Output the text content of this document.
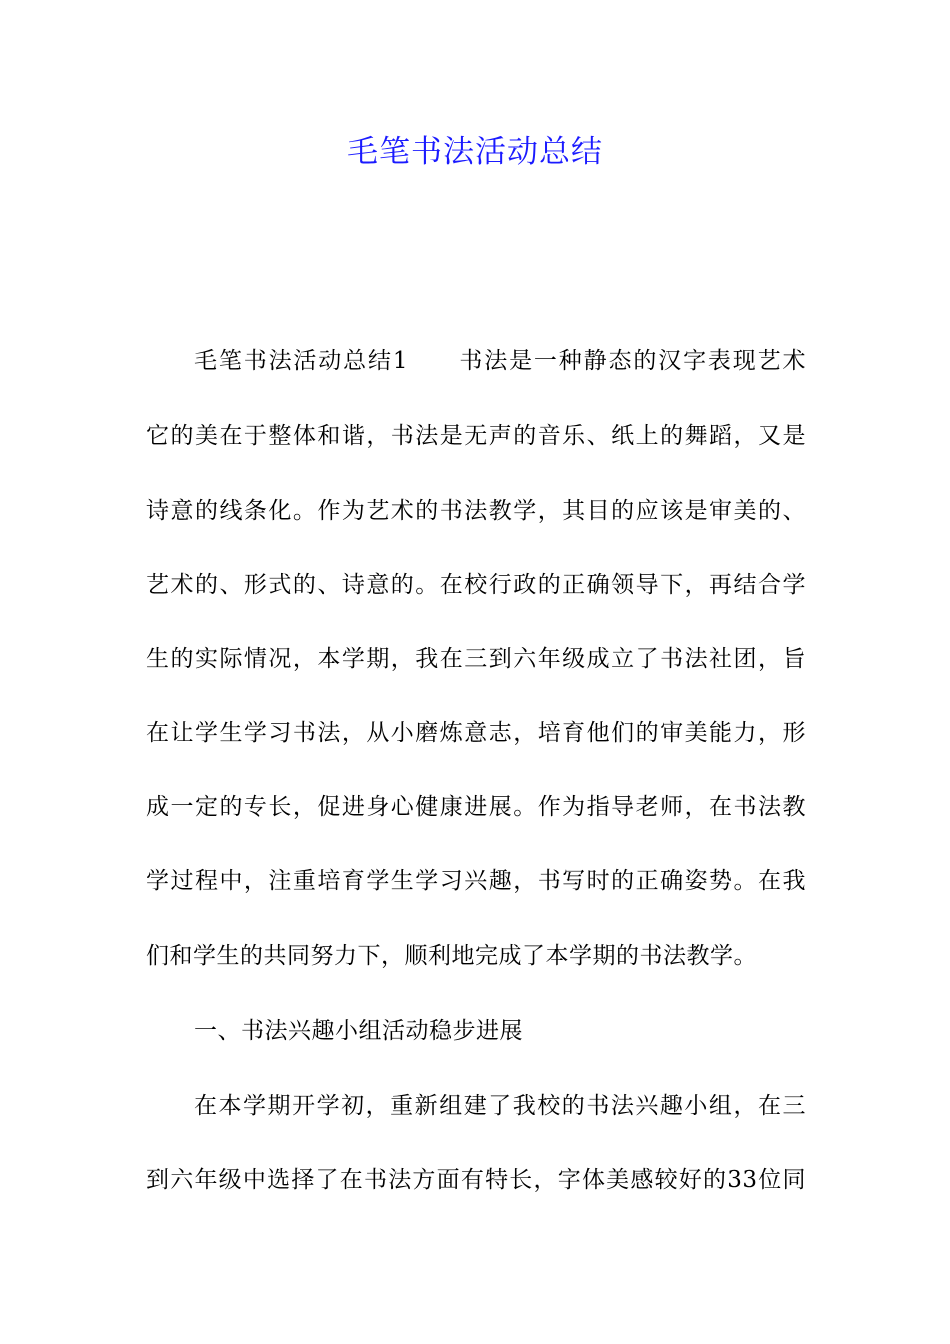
毛笔书法活动总结
毛笔书法活动总结1 书法是一种静态的汉字表现艺术
它的美在于整体和谐，书法是无声的音乐、纸上的舞蹈，又是
诗意的线条化。作为艺术的书法教学，其目的应该是审美的、
艺术的、形式的、诗意的。在校行政的正确领导下，再结合学
生的实际情况，本学期，我在三到六年级成立了书法社团，旨
在让学生学习书法，从小磨炼意志，培育他们的审美能力，形
成一定的专长，促进身心健康进展。作为指导老师，在书法教
学过程中，注重培育学生学习兴趣，书写时的正确姿势。在我
们和学生的共同努力下，顺利地完成了本学期的书法教学。
一、书法兴趣小组活动稳步进展
在本学期开学初，重新组建了我校的书法兴趣小组，在三
到六年级中选择了在书法方面有特长，字体美感较好的33位同
